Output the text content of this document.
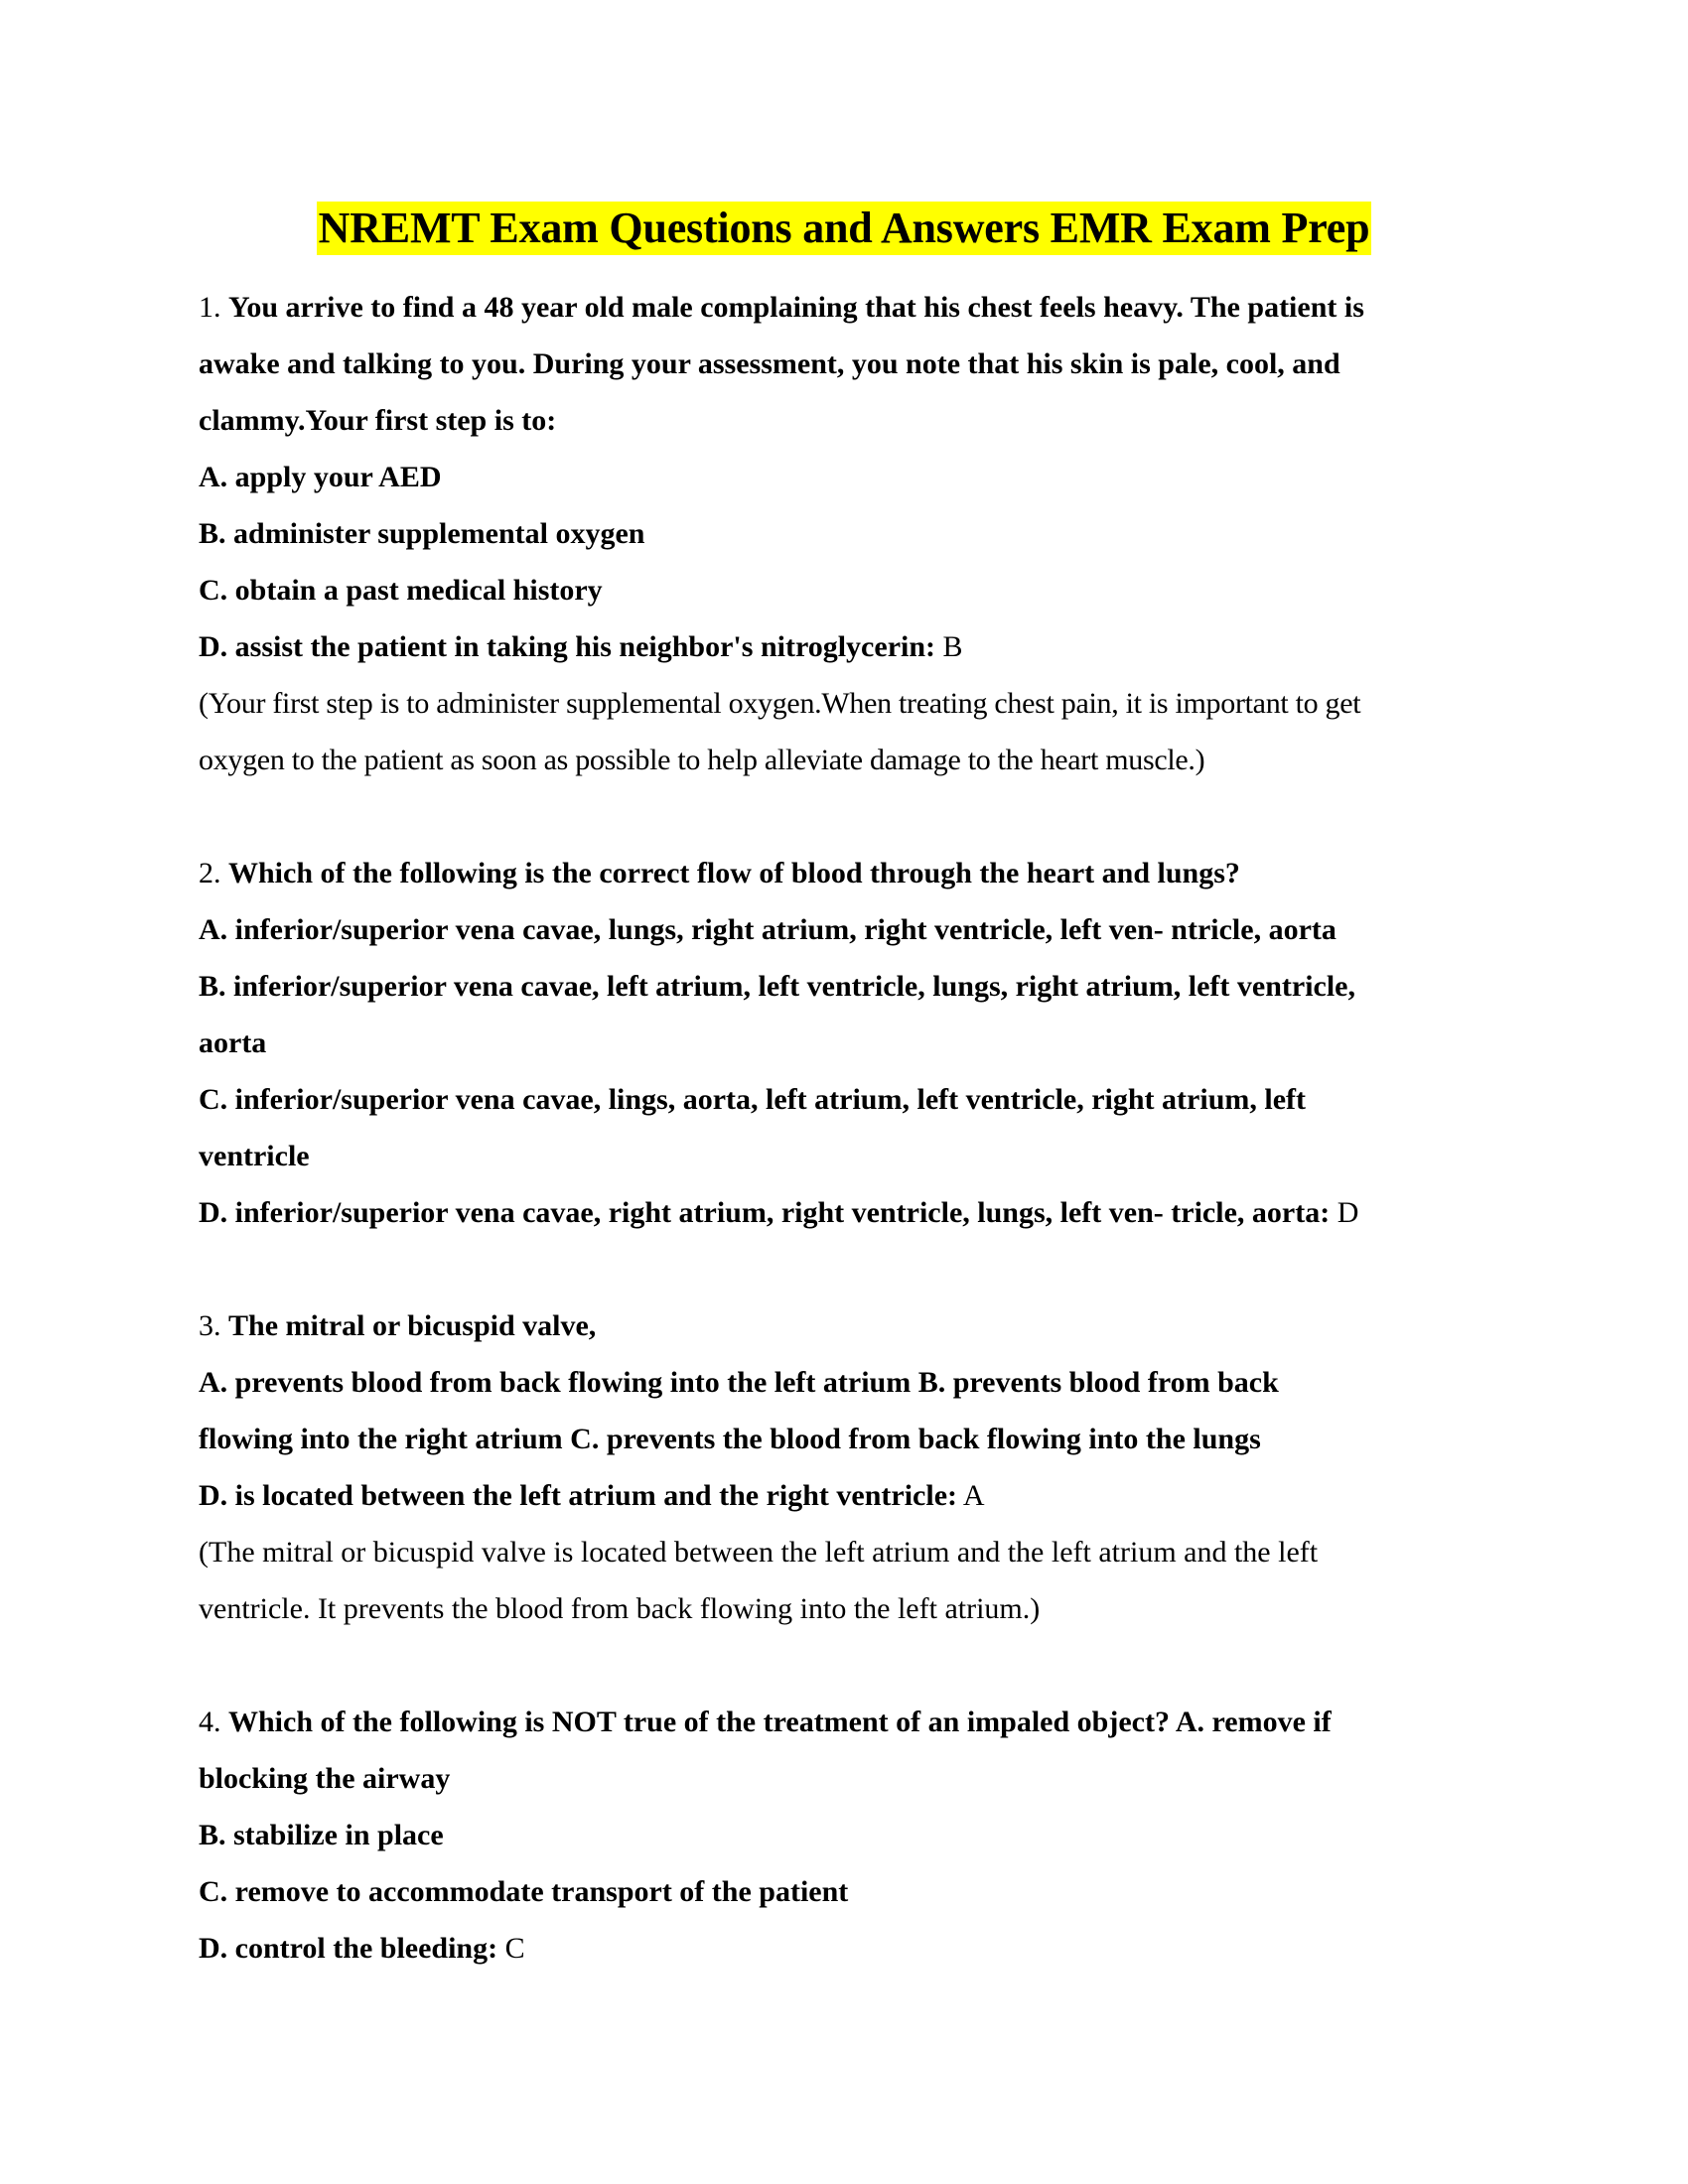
NREMT Exam Questions and Answers EMR Exam Prep
1. You arrive to find a 48 year old male complaining that his chest feels heavy. The patient is
awake and talking to you. During your assessment, you note that his skin is pale, cool, and
clammy.Your first step is to:
A. apply your AED
B. administer supplemental oxygen
C. obtain a past medical history
D. assist the patient in taking his neighbor's nitroglycerin: B
(Your first step is to administer supplemental oxygen.When treating chest pain, it is important to get
oxygen to the patient as soon as possible to help alleviate damage to the heart muscle.)
2. Which of the following is the correct flow of blood through the heart and lungs?
A. inferior/superior vena cavae, lungs, right atrium, right ventricle, left ven- ntricle, aorta
B. inferior/superior vena cavae, left atrium, left ventricle, lungs, right atrium, left ventricle,
aorta
C. inferior/superior vena cavae, lings, aorta, left atrium, left ventricle, right atrium, left
ventricle
D. inferior/superior vena cavae, right atrium, right ventricle, lungs, left ven- tricle, aorta: D
3. The mitral or bicuspid valve,
A. prevents blood from back flowing into the left atrium B. prevents blood from back
flowing into the right atrium C. prevents the blood from back flowing into the lungs
D. is located between the left atrium and the right ventricle: A
(The mitral or bicuspid valve is located between the left atrium and the left atrium and the left
ventricle. It prevents the blood from back flowing into the left atrium.)
4. Which of the following is NOT true of the treatment of an impaled object? A. remove if
blocking the airway
B. stabilize in place
C. remove to accommodate transport of the patient
D. control the bleeding: C
